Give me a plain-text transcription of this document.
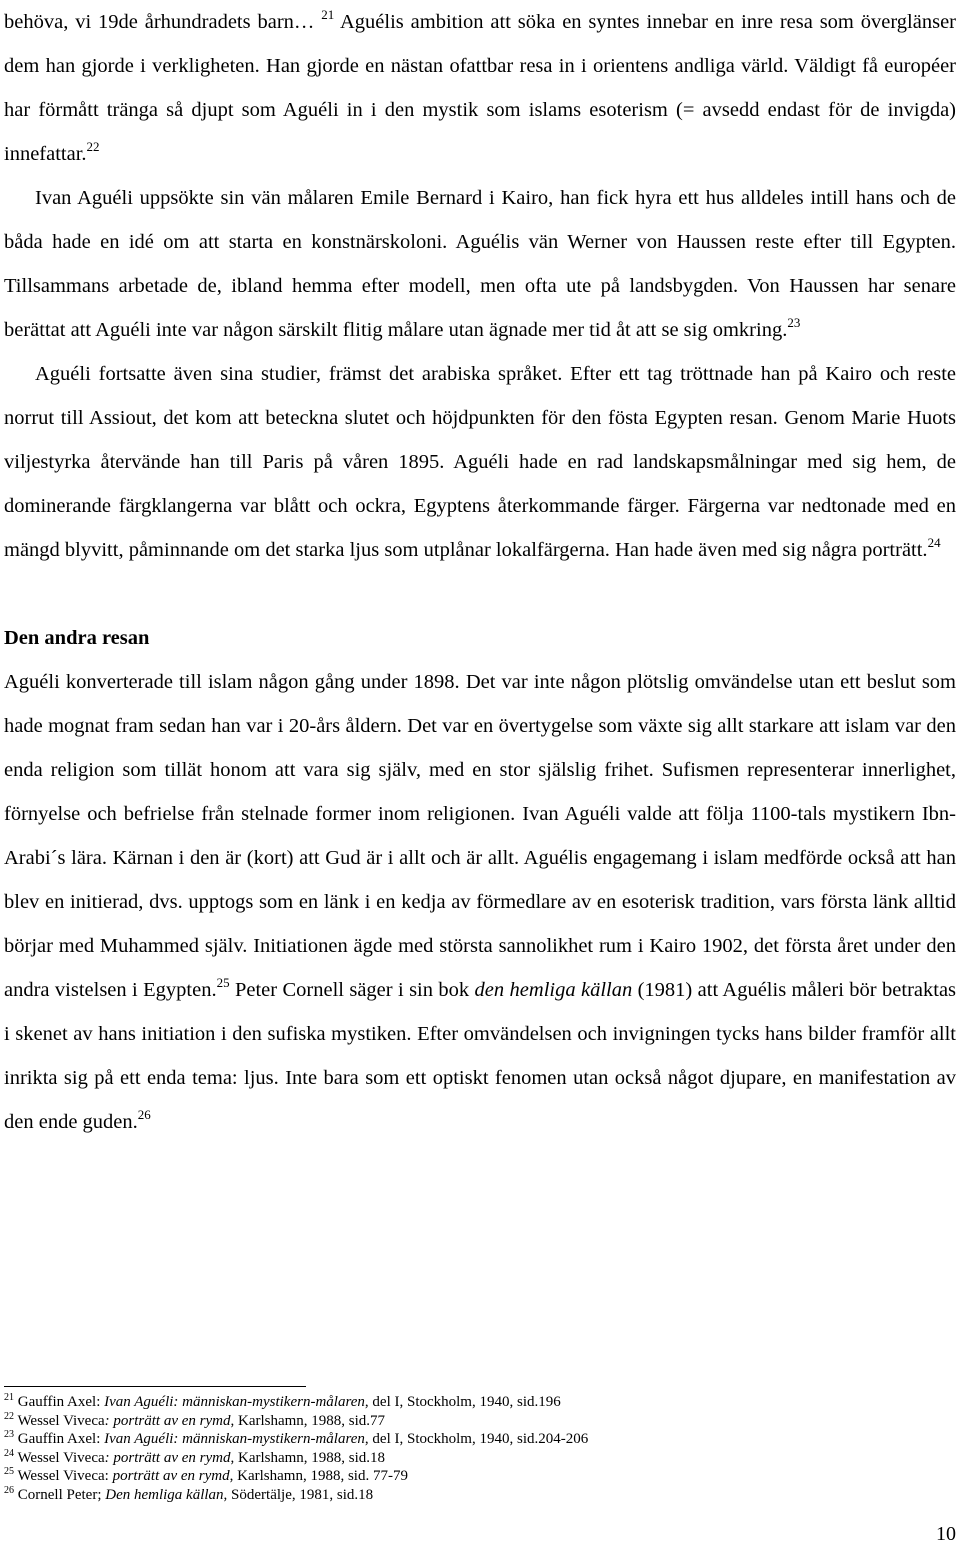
behöva, vi 19de århundradets barn… $^{21}$ Aguélis ambition att söka en syntes innebar en inre resa som överglänser dem han gjorde i verkligheten. Han gjorde en nästan ofattbar resa in i orientens andliga värld. Väldigt få européer har förmått tränga så djupt som Aguéli in i den mystik som islams esoterism (= avsedd endast för de invigda) innefattar.$^{22}$

Ivan Aguéli uppsökte sin vän målaren Emile Bernard i Kairo, han fick hyra ett hus alldeles intill hans och de båda hade en idé om att starta en konstnärskoloni. Aguélis vän Werner von Haussen reste efter till Egypten. Tillsammans arbetade de, ibland hemma efter modell, men ofta ute på landsbygden. Von Haussen har senare berättat att Aguéli inte var någon särskilt flitig målare utan ägnade mer tid åt att se sig omkring.$^{23}$

Aguéli fortsatte även sina studier, främst det arabiska språket. Efter ett tag tröttnade han på Kairo och reste norrut till Assiout, det kom att beteckna slutet och höjdpunkten för den fösta Egypten resan. Genom Marie Huots viljestyrka återvände han till Paris på våren 1895. Aguéli hade en rad landskapsmålningar med sig hem, de dominerande färgklangerna var blått och ockra, Egyptens återkommande färger. Färgerna var nedtonade med en mängd blyvitt, påminnande om det starka ljus som utplånar lokalfärgerna. Han hade även med sig några porträtt.$^{24}$

Den andra resan

Aguéli konverterade till islam någon gång under 1898. Det var inte någon plötslig omvändelse utan ett beslut som hade mognat fram sedan han var i 20-års åldern. Det var en övertygelse som växte sig allt starkare att islam var den enda religion som tillät honom att vara sig själv, med en stor själslig frihet. Sufismen representerar innerlighet, förnyelse och befrielse från stelnade former inom religionen. Ivan Aguéli valde att följa 1100-tals mystikern Ibn-Arabi´s lära. Kärnan i den är (kort) att Gud är i allt och är allt. Aguélis engagemang i islam medförde också att han blev en initierad, dvs. upptogs som en länk i en kedja av förmedlare av en esoterisk tradition, vars första länk alltid börjar med Muhammed själv. Initiationen ägde med största sannolikhet rum i Kairo 1902, det första året under den andra vistelsen i Egypten.$^{25}$ Peter Cornell säger i sin bok den hemliga källan (1981) att Aguélis måleri bör betraktas i skenet av hans initiation i den sufiska mystiken. Efter omvändelsen och invigningen tycks hans bilder framför allt inrikta sig på ett enda tema: ljus. Inte bara som ett optiskt fenomen utan också något djupare, en manifestation av den ende guden.$^{26}$

$^{21}$ Gauffin Axel: Ivan Aguéli: människan-mystikern-målaren, del I, Stockholm, 1940, sid.196
$^{22}$ Wessel Viveca: porträtt av en rymd, Karlshamn, 1988, sid.77
$^{23}$ Gauffin Axel: Ivan Aguéli: människan-mystikern-målaren, del I, Stockholm, 1940, sid.204-206
$^{24}$ Wessel Viveca: porträtt av en rymd, Karlshamn, 1988, sid.18
$^{25}$ Wessel Viveca: porträtt av en rymd, Karlshamn, 1988, sid. 77-79
$^{26}$ Cornell Peter; Den hemliga källan, Södertälje, 1981, sid.18
10
